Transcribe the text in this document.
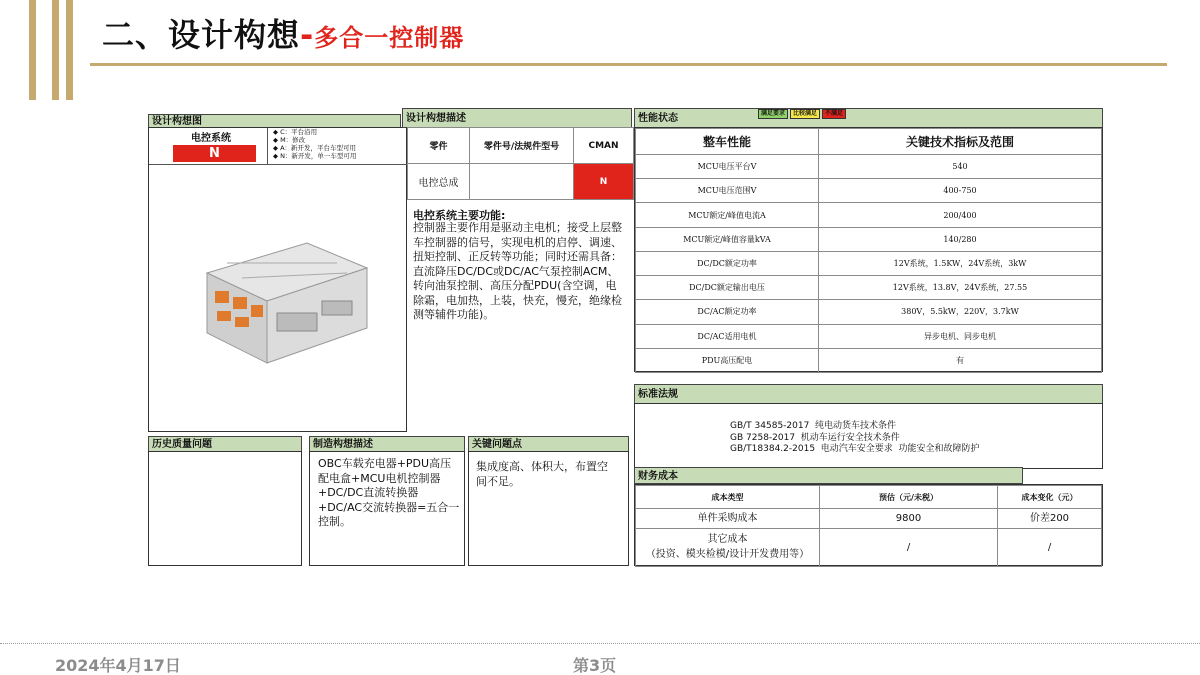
二、设计构想-多合一控制器
设计构想图
电控系统
N
◆ C：平台沿用
◆ M：修改
◆ A：新开发，平台车型可用
◆ N：新开发，单一车型可用
设计构想描述
零件	零件号/法规件型号	CMAN
电控总成		N
电控系统主要功能:
控制器主要作用是驱动主电机；接受上层整车控制器的信号，实现电机的启停、调速、扭矩控制、正反转等功能；同时还需具备：直流降压DC/DC或DC/AC气泵控制ACM、转向油泵控制、高压分配PDU(含空调，电除霜，电加热，上装，快充，慢充，绝缘检测等辅件功能)。
性能状态	满足要求 比较满足 不满足
整车性能	关键技术指标及范围
MCU电压平台V	540
MCU电压范围V	400-750
MCU额定/峰值电流A	200/400
MCU额定/峰值容量kVA	140/280
DC/DC额定功率	12V系统，1.5KW，24V系统，3kW
DC/DC额定输出电压	12V系统，13.8V，24V系统，27.55
DC/AC额定功率	380V，5.5kW，220V，3.7kW
DC/AC适用电机	异步电机、同步电机
PDU高压配电	有
标准法规
GB/T 34585-2017  纯电动货车技术条件
GB 7258-2017  机动车运行安全技术条件
GB/T18384.2-2015  电动汽车安全要求  功能安全和故障防护
财务成本
成本类型	预估（元/未税）	成本变化（元）
单件采购成本	9800	价差200
其它成本
（投资、模夹检模/设计开发费用等）	/	/
历史质量问题	制造构想描述
OBC车载充电器+PDU高压配电盒+MCU电机控制器+DC/DC直流转换器+DC/AC交流转换器=五合一控制。
关键问题点
集成度高、体积大，布置空间不足。
2024年4月17日	第3页
